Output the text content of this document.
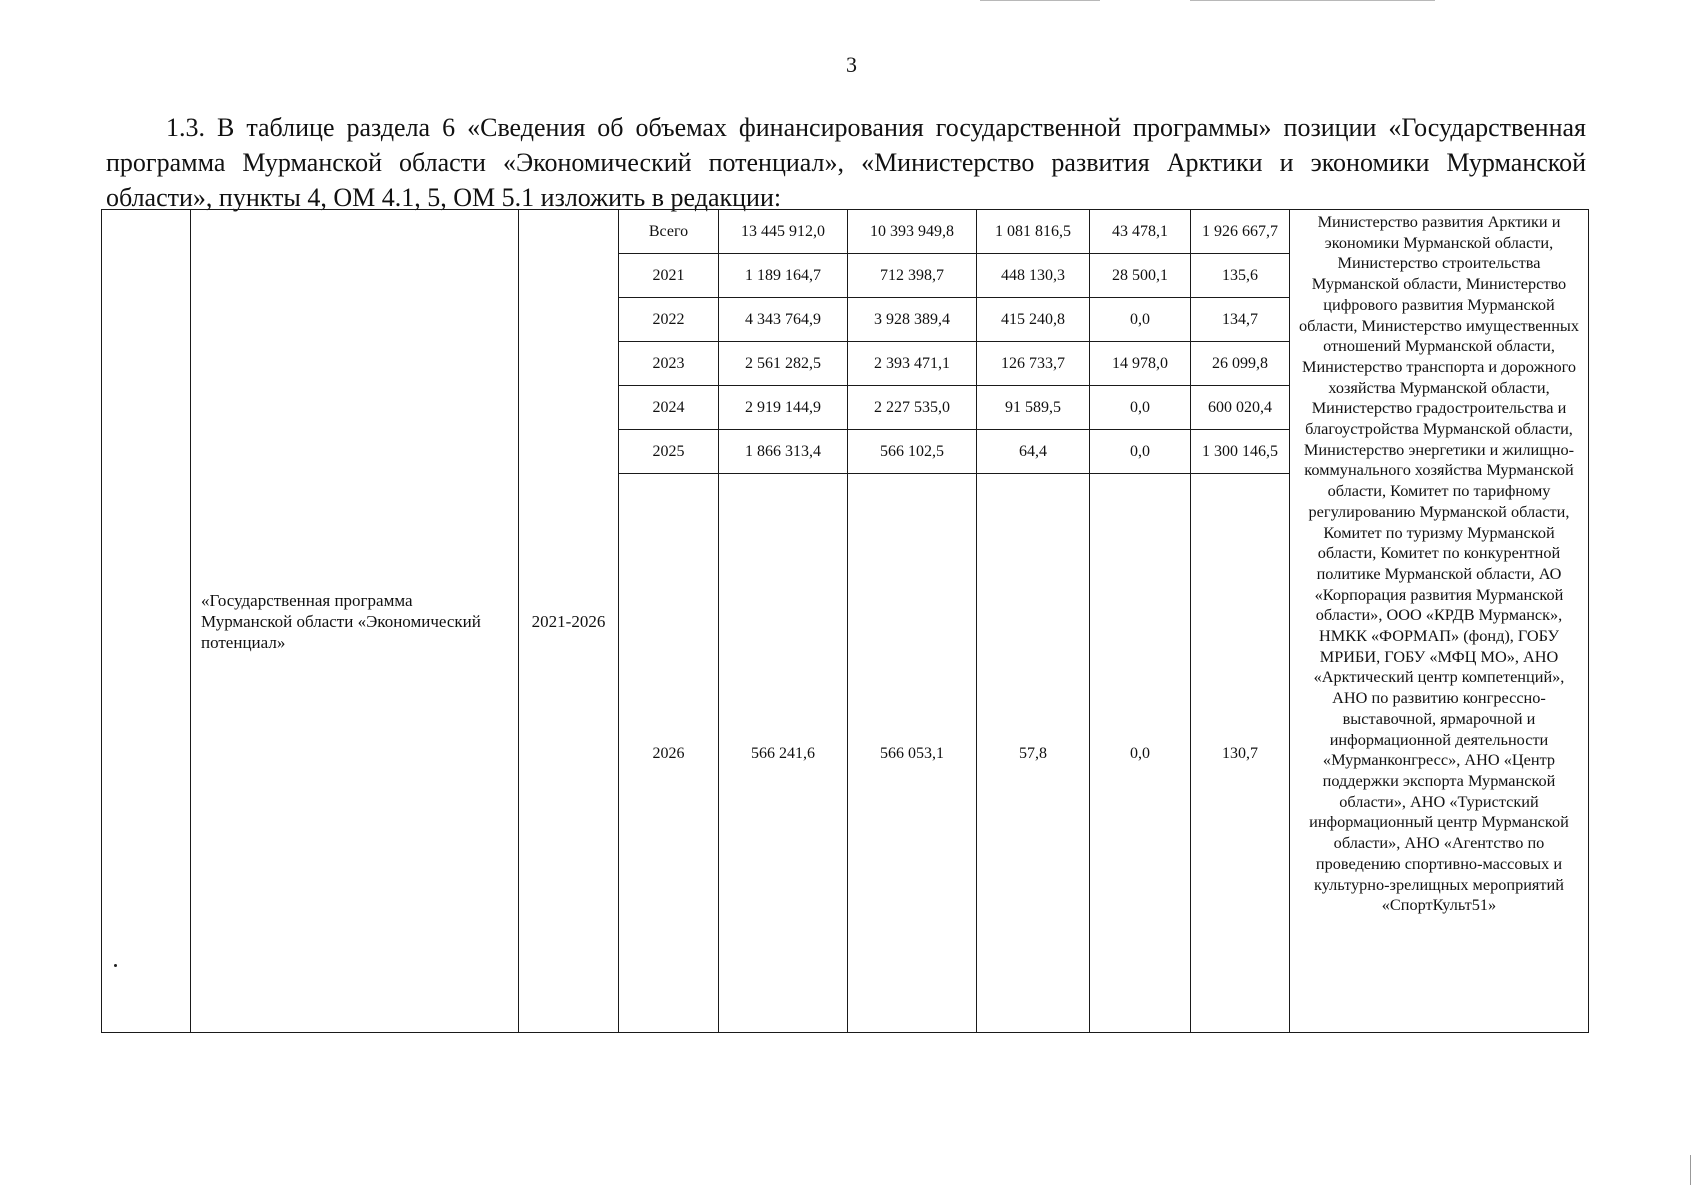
3

1.3. В таблице раздела 6 «Сведения об объемах финансирования государственной программы» позиции «Государственная программа Мурманской области «Экономический потенциал», «Министерство развития Арктики и экономики Мурманской области», пункты 4, ОМ 4.1, 5, ОМ 5.1 изложить в редакции:

	«Государственная программа Мурманской области «Экономический потенциал»	2021-2026	Всего	13 445 912,0	10 393 949,8	1 081 816,5	43 478,1	1 926 667,7	Министерство развития Арктики и экономики Мурманской области, Министерство строительства Мурманской области, Министерство цифрового развития Мурманской области, Министерство имущественных отношений Мурманской области, Министерство транспорта и дорожного хозяйства Мурманской области, Министерство градостроительства и благоустройства Мурманской области, Министерство энергетики и жилищно-коммунального хозяйства Мурманской области, Комитет по тарифному регулированию Мурманской области, Комитет по туризму Мурманской области, Комитет по конкурентной политике Мурманской области, АО «Корпорация развития Мурманской области», ООО «КРДВ Мурманск», НМКК «ФОРМАП» (фонд), ГОБУ МРИБИ, ГОБУ «МФЦ МО», АНО «Арктический центр компетенций», АНО по развитию конгрессно-выставочной, ярмарочной и информационной деятельности «Мурманконгресс», АНО «Центр поддержки экспорта Мурманской области», АНО «Туристский информационный центр Мурманской области», АНО «Агентство по проведению спортивно-массовых и культурно-зрелищных мероприятий «СпортКульт51»
			2021	1 189 164,7	712 398,7	448 130,3	28 500,1	135,6	
			2022	4 343 764,9	3 928 389,4	415 240,8	0,0	134,7	
			2023	2 561 282,5	2 393 471,1	126 733,7	14 978,0	26 099,8	
			2024	2 919 144,9	2 227 535,0	91 589,5	0,0	600 020,4	
			2025	1 866 313,4	566 102,5	64,4	0,0	1 300 146,5	
			2026	566 241,6	566 053,1	57,8	0,0	130,7	
